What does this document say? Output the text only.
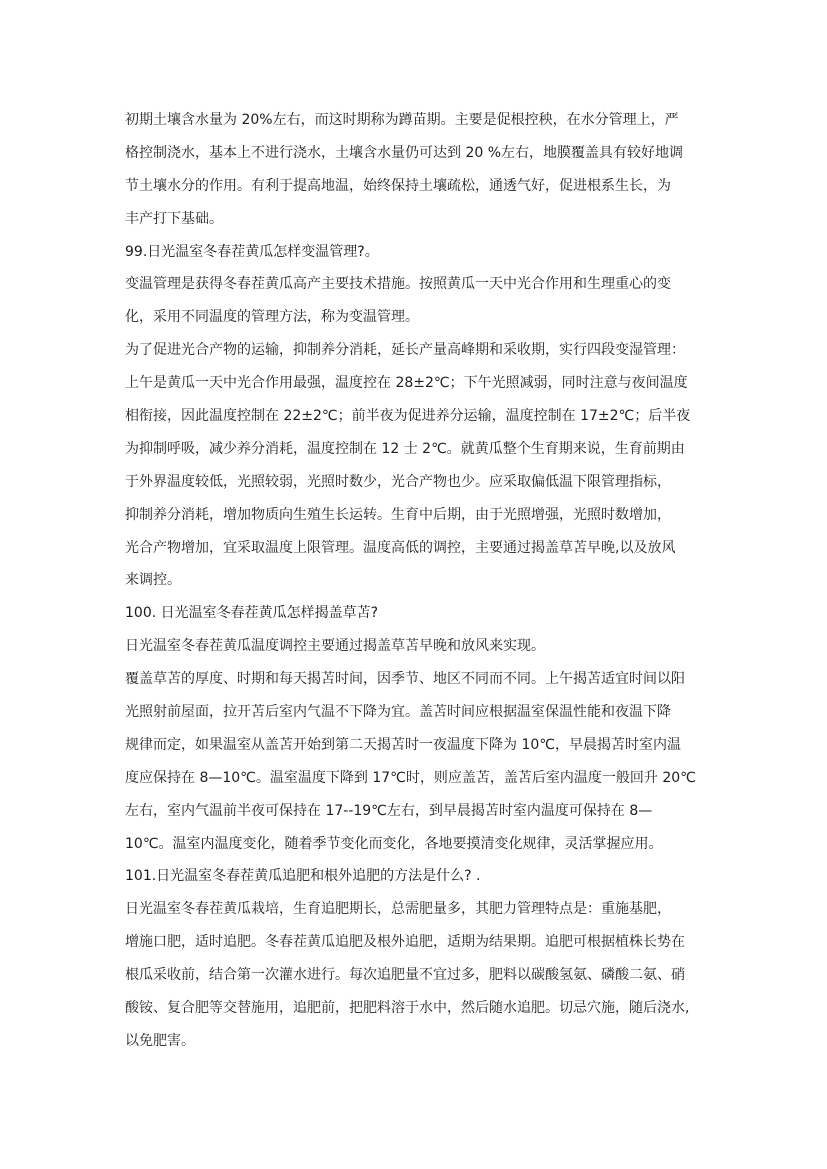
初期土壤含水量为 20%左右，而这时期称为蹲苗期。主要是促根控秧，在水分管理上，严
格控制浇水，基本上不进行浇水，土壤含水量仍可达到 20 %左右，地膜覆盖具有较好地调
节土壤水分的作用。有利于提高地温，始终保持土壤疏松，通透气好，促进根系生长，为
丰产打下基础。
99.日光温室冬春茬黄瓜怎样变温管理?。
变温管理是获得冬春茬黄瓜高产主要技术措施。按照黄瓜一天中光合作用和生理重心的变
化，采用不同温度的管理方法，称为变温管理。
为了促进光合产物的运输，抑制养分消耗，延长产量高峰期和采收期，实行四段变湿管理：
上午是黄瓜一天中光合作用最强，温度控在 28±2℃；下午光照减弱，同时注意与夜间温度
相衔接，因此温度控制在 22±2℃；前半夜为促进养分运输，温度控制在 17±2℃；后半夜
为抑制呼吸，减少养分消耗，温度控制在 12 士 2℃。就黄瓜整个生育期来说，生育前期由
于外界温度较低，光照较弱，光照时数少，光合产物也少。应采取偏低温下限管理指标，
抑制养分消耗，增加物质向生殖生长运转。生育中后期，由于光照增强，光照时数增加，
光合产物增加，宜采取温度上限管理。温度高低的调控，主要通过揭盖草苫早晚,以及放风
来调控。
100. 日光温室冬春茬黄瓜怎样揭盖草苫?
日光温室冬春茬黄瓜温度调控主要通过揭盖草苫早晚和放风来实现。
覆盖草苫的厚度、时期和每天揭苫时间，因季节、地区不同而不同。上午揭苫适宜时间以阳
光照射前屋面，拉开苫后室内气温不下降为宜。盖苫时间应根据温室保温性能和夜温下降
规律而定，如果温室从盖苫开始到第二天揭苫时一夜温度下降为 10℃，早晨揭苫时室内温
度应保持在 8—10℃。温室温度下降到 17℃时，则应盖苫，盖苫后室内温度一般回升 20℃
左右，室内气温前半夜可保持在 17--19℃左右，到早晨揭苫时室内温度可保持在 8—
10℃。温室内温度变化，随着季节变化而变化，各地要摸清变化规律，灵活掌握应用。
101.日光温室冬春茬黄瓜追肥和根外追肥的方法是什么? .
日光温室冬春茬黄瓜栽培，生育追肥期长，总需肥量多，其肥力管理特点是：重施基肥，
增施口肥，适时追肥。冬春茬黄瓜追肥及根外追肥，适期为结果期。追肥可根据植株长势在
根瓜采收前，结合第一次灌水进行。每次追肥量不宜过多，肥料以碳酸氢氨、磷酸二氨、硝
酸铵、复合肥等交替施用，追肥前，把肥料溶于水中，然后随水追肥。切忌穴施，随后浇水,
以免肥害。
